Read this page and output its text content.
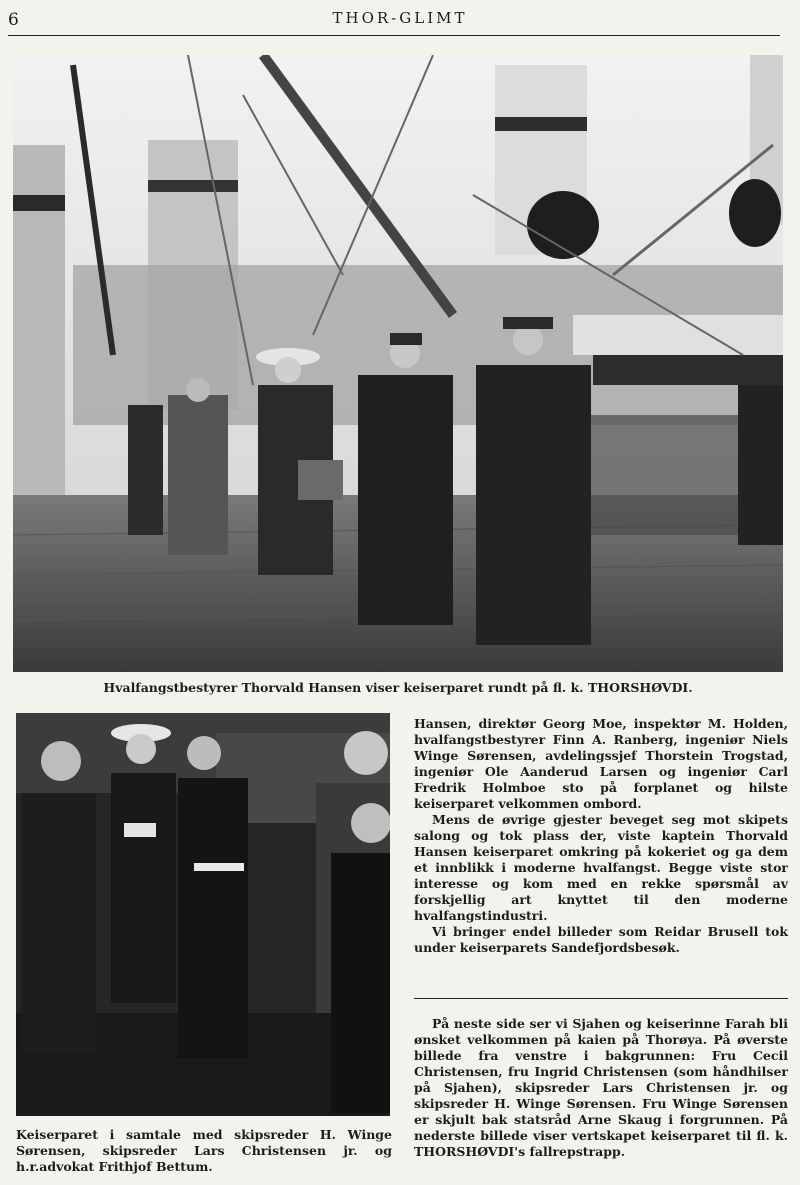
6	THOR-GLIMT
Hvalfangstbestyrer Thorvald Hansen viser keiserparet rundt på fl. k. THORSHØVDI.
Keiserparet i samtale med skipsreder H. Winge Sørensen, skipsreder Lars Christensen jr. og h.r.advokat Frithjof Bettum.

Hansen, direktør Georg Moe, inspektør M. Holden, hvalfangstbestyrer Finn A. Ranberg, ingeniør Niels Winge Sørensen, avdelingssjef Thorstein Trogstad, ingeniør Ole Aanderud Larsen og ingeniør Carl Fredrik Holmboe sto på forplanet og hilste keiserparet velkommen ombord.

Mens de øvrige gjester beveget seg mot skipets salong og tok plass der, viste kaptein Thorvald Hansen keiserparet omkring på kokeriet og ga dem et innblikk i moderne hvalfangst. Begge viste stor interesse og kom med en rekke spørsmål av forskjellig art knyttet til den moderne hvalfangstindustri.

Vi bringer endel billeder som Reidar Brusell tok under keiserparets Sandefjordsbesøk.

På neste side ser vi Sjahen og keiserinne Farah bli ønsket velkommen på kaien på Thorøya. På øverste billede fra venstre i bakgrunnen: Fru Cecil Christensen, fru Ingrid Christensen (som håndhilser på Sjahen), skipsreder Lars Christensen jr. og skipsreder H. Winge Sørensen. Fru Winge Sørensen er skjult bak statsråd Arne Skaug i forgrunnen. På nederste billede viser vertskapet keiserparet til fl. k. THORSHØVDI's fallrepstrapp.
